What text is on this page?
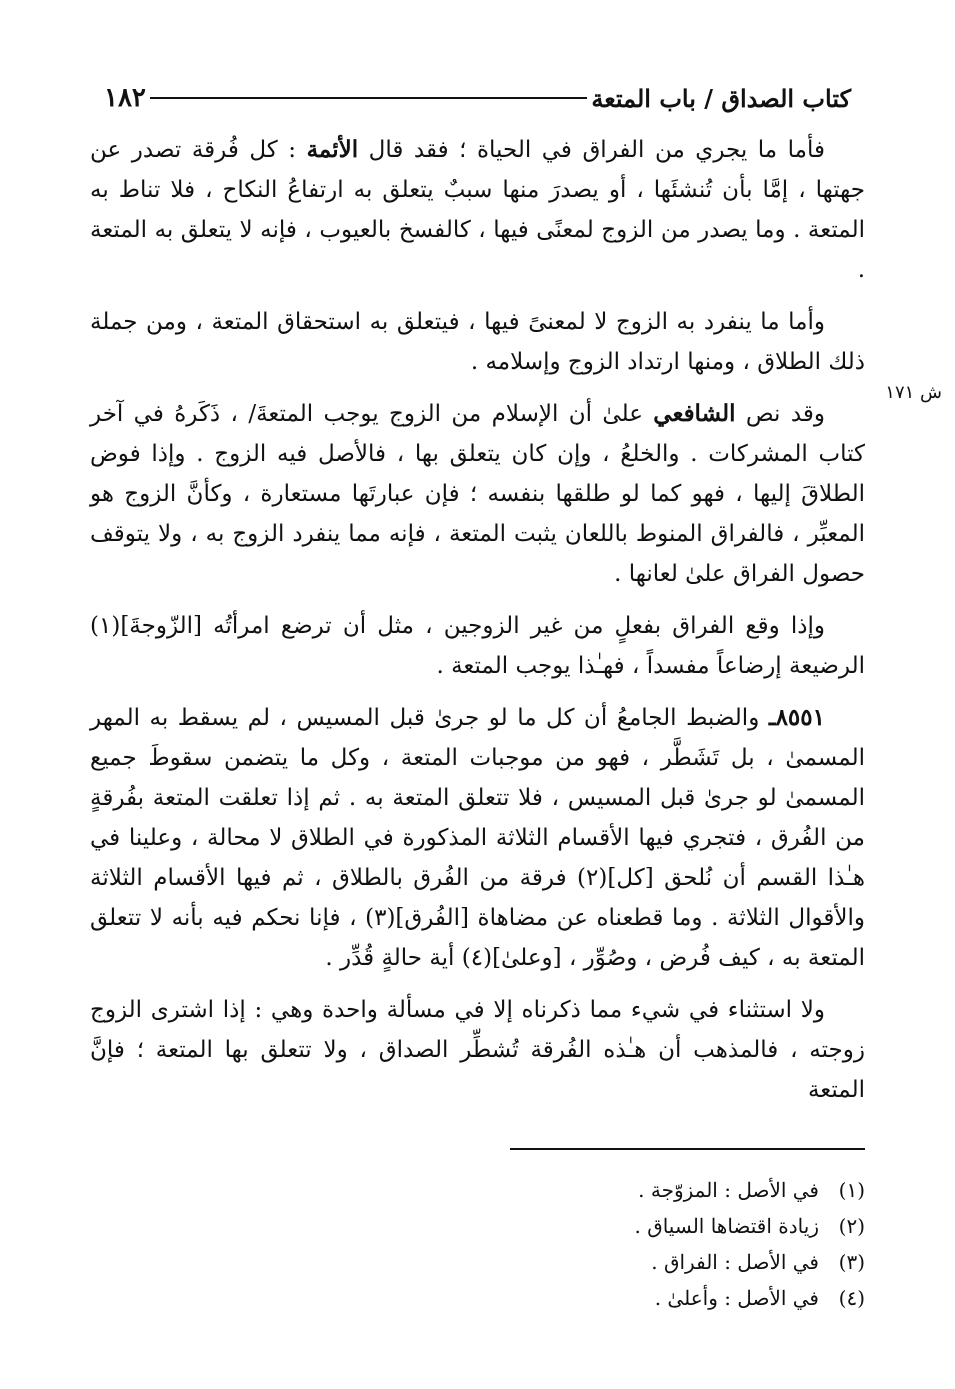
كتاب الصداق / باب المتعة
١٨٢
ش ١٧١

فأما ما يجري من الفراق في الحياة ؛ فقد قال الأئمة : كل فُرقة تصدر عن جهتها ، إمَّا بأن تُنشئَها ، أو يصدرَ منها سببٌ يتعلق به ارتفاعُ النكاح ، فلا تناط به المتعة . وما يصدر من الزوج لمعنًى فيها ، كالفسخ بالعيوب ، فإنه لا يتعلق به المتعة .

وأما ما ينفرد به الزوج لا لمعنىً فيها ، فيتعلق به استحقاق المتعة ، ومن جملة ذلك الطلاق ، ومنها ارتداد الزوج وإسلامه .

وقد نص الشافعي علىٰ أن الإسلام من الزوج يوجب المتعةَ/ ، ذَكَرهُ في آخر كتاب المشركات . والخلعُ ، وإن كان يتعلق بها ، فالأصل فيه الزوج . وإذا فوض الطلاقَ إليها ، فهو كما لو طلقها بنفسه ؛ فإن عبارتَها مستعارة ، وكأنَّ الزوج هو المعبِّر ، فالفراق المنوط باللعان يثبت المتعة ، فإنه مما ينفرد الزوج به ، ولا يتوقف حصول الفراق علىٰ لعانها .

وإذا وقع الفراق بفعلٍ من غير الزوجين ، مثل أن ترضع امرأتُه [الزّوجةَ](١) الرضيعة إرضاعاً مفسداً ، فهـٰذا يوجب المتعة .

٨٥٥١ـ والضبط الجامعُ أن كل ما لو جرىٰ قبل المسيس ، لم يسقط به المهر المسمىٰ ، بل تَشَطَّر ، فهو من موجبات المتعة ، وكل ما يتضمن سقوطَ جميع المسمىٰ لو جرىٰ قبل المسيس ، فلا تتعلق المتعة به . ثم إذا تعلقت المتعة بفُرقةٍ من الفُرق ، فتجري فيها الأقسام الثلاثة المذكورة في الطلاق لا محالة ، وعلينا في هـٰذا القسم أن نُلحق [كل](٢) فرقة من الفُرق بالطلاق ، ثم فيها الأقسام الثلاثة والأقوال الثلاثة . وما قطعناه عن مضاهاة [الفُرق](٣) ، فإنا نحكم فيه بأنه لا تتعلق المتعة به ، كيف فُرض ، وصُوِّر ، [وعلىٰ](٤) أية حالةٍ قُدِّر .

ولا استثناء في شيء مما ذكرناه إلا في مسألة واحدة وهي : إذا اشترى الزوج زوجته ، فالمذهب أن هـٰذه الفُرقة تُشطِّر الصداق ، ولا تتعلق بها المتعة ؛ فإنَّ المتعة

(١)
في الأصل : المزوّجة .
(٢)
زيادة اقتضاها السياق .
(٣)
في الأصل : الفراق .
(٤)
في الأصل : وأعلىٰ .
